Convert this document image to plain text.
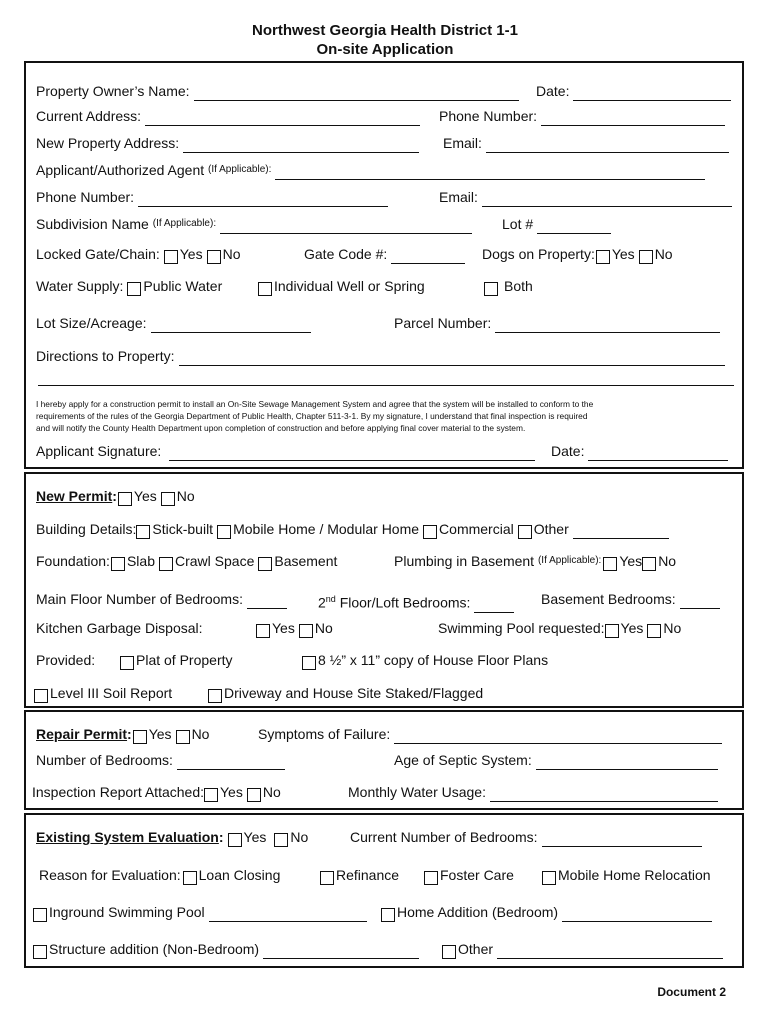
Northwest Georgia Health District 1-1
On-site Application
Property Owner’s Name:	Date:
Current Address:	Phone Number:
New Property Address:	Email:
Applicant/Authorized Agent
(If Applicable):
Phone Number:	Email:
Subdivision Name
(If Applicable):	Lot #
Locked Gate/Chain: Yes No	Gate Code #:	Dogs on Property: Yes No
Water Supply: Public Water	Individual Well or Spring	Both
Lot Size/Acreage:	Parcel Number:
Directions to Property:
I hereby apply for a construction permit to install an On-Site Sewage Management System and agree that the system will be installed to conform to the
requirements of the rules of the Georgia Department of Public Health, Chapter 511-3-1. By my signature, I understand that final inspection is required
and will notify the County Health Department upon completion of construction and before applying final cover material to the system.
Applicant Signature:	Date:
New Permit : Yes No
Building Details: Stick-built Mobile Home / Modular Home Commercial Other
Foundation: Slab Crawl Space Basement	Plumbing in Basement
(If Applicable): Yes No
Main Floor Number of Bedrooms:	2nd Floor/Loft Bedrooms:	Basement Bedrooms:
Kitchen Garbage Disposal:	Yes No	Swimming Pool requested: Yes No
Provided:	Plat of Property	8 ½” x 11” copy of House Floor Plans
Level III Soil Report	Driveway and House Site Staked/Flagged
Repair Permit : Yes No	Symptoms of Failure:
Number of Bedrooms:	Age of Septic System:
Inspection Report Attached: Yes No	Monthly Water Usage:
Existing System Evaluation : Yes No	Current Number of Bedrooms:
Reason for Evaluation: Loan Closing	Refinance	Foster Care	Mobile Home Relocation
Inground Swimming Pool	Home Addition (Bedroom)
Structure addition (Non-Bedroom)	Other
Document 2
